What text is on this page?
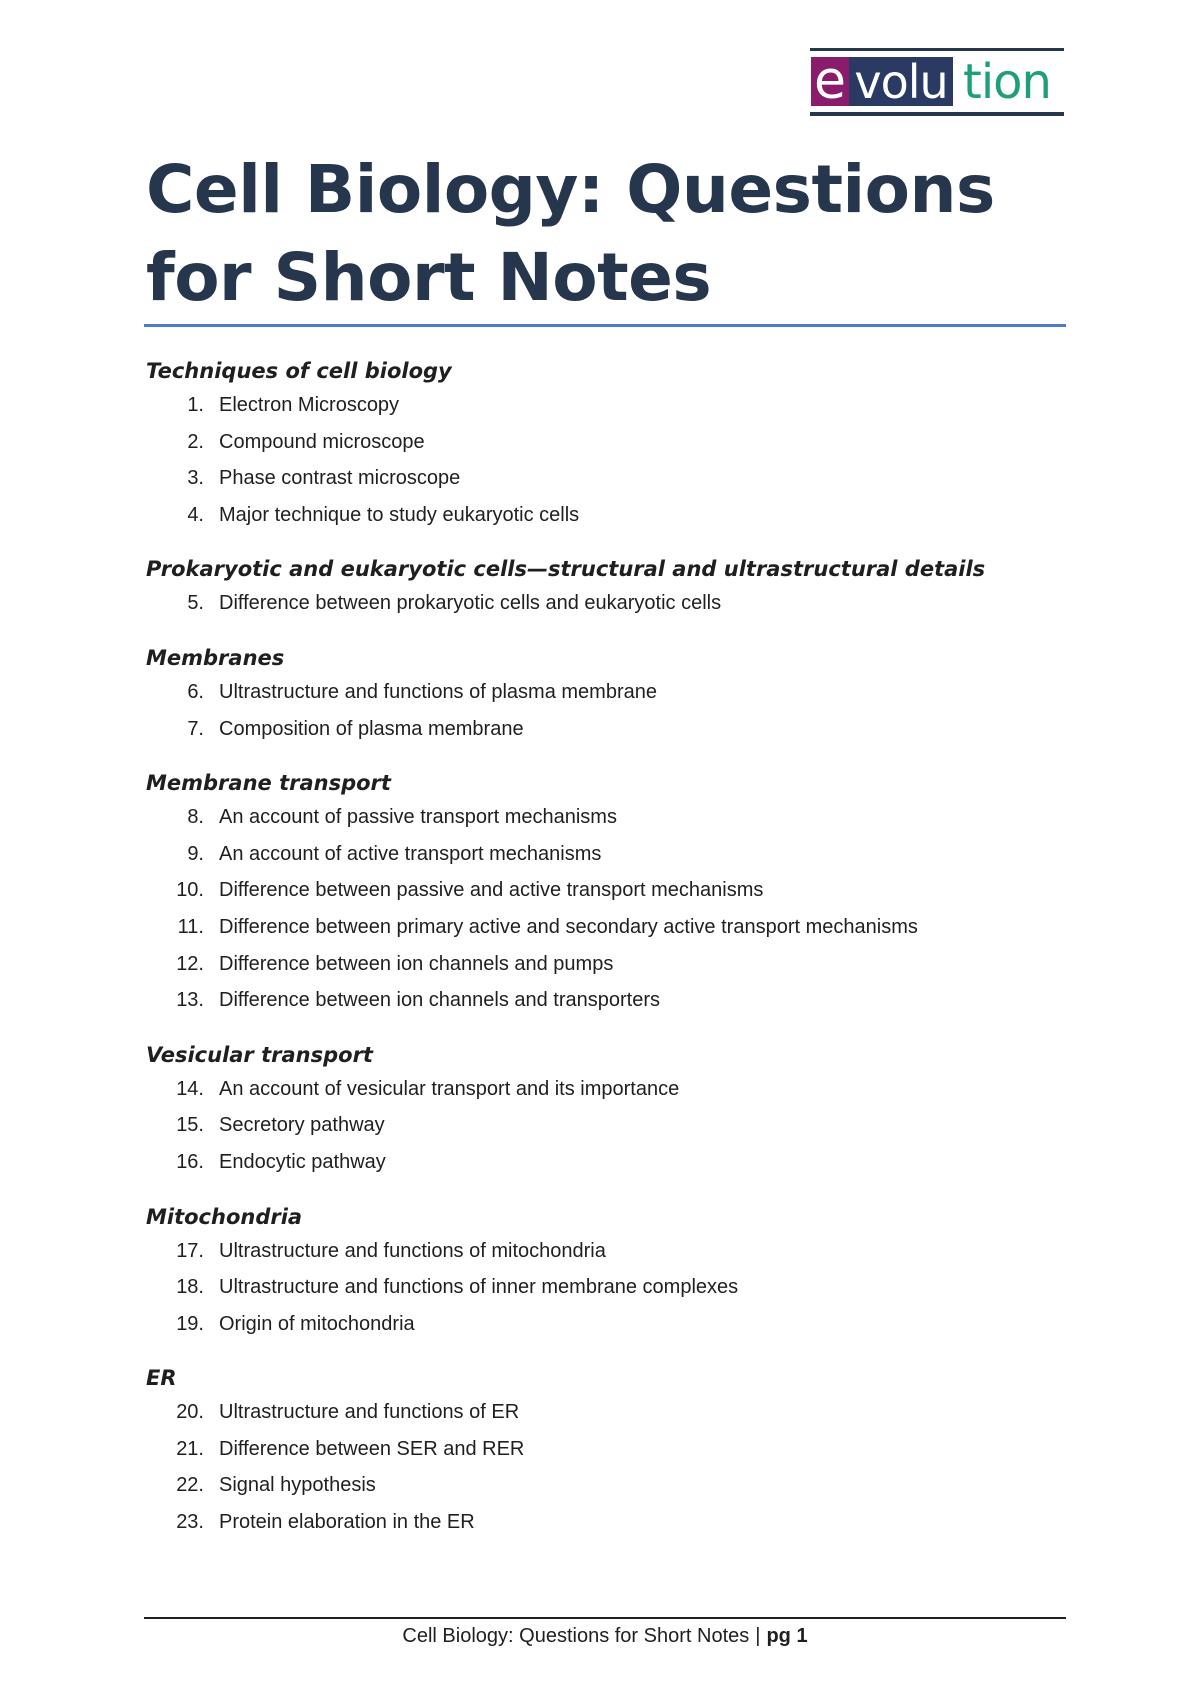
e volu tion
Cell Biology: Questions for Short Notes
Techniques of cell biology
1. Electron Microscopy
2. Compound microscope
3. Phase contrast microscope
4. Major technique to study eukaryotic cells
Prokaryotic and eukaryotic cells—structural and ultrastructural details
5. Difference between prokaryotic cells and eukaryotic cells
Membranes
6. Ultrastructure and functions of plasma membrane
7. Composition of plasma membrane
Membrane transport
8. An account of passive transport mechanisms
9. An account of active transport mechanisms
10. Difference between passive and active transport mechanisms
11. Difference between primary active and secondary active transport mechanisms
12. Difference between ion channels and pumps
13. Difference between ion channels and transporters
Vesicular transport
14. An account of vesicular transport and its importance
15. Secretory pathway
16. Endocytic pathway
Mitochondria
17. Ultrastructure and functions of mitochondria
18. Ultrastructure and functions of inner membrane complexes
19. Origin of mitochondria
ER
20. Ultrastructure and functions of ER
21. Difference between SER and RER
22. Signal hypothesis
23. Protein elaboration in the ER
Cell Biology: Questions for Short Notes | pg 1
